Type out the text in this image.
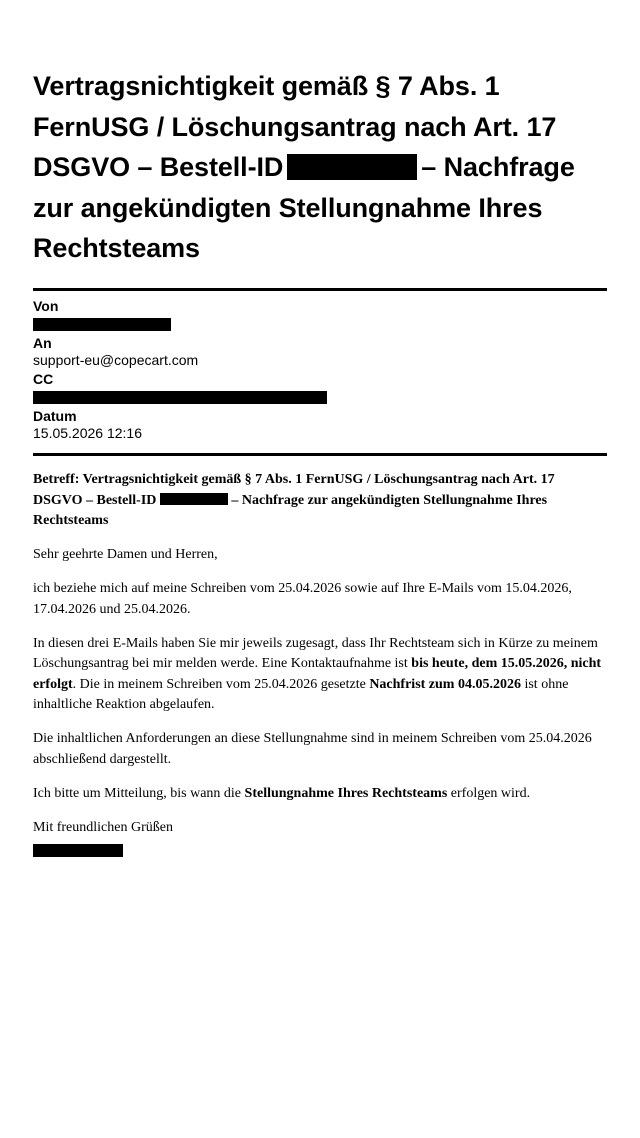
Vertragsnichtigkeit gemäß § 7 Abs. 1 FernUSG / Löschungsantrag nach Art. 17 DSGVO – Bestell-ID	– Nachfrage zur angekündigten Stellungnahme Ihres Rechtsteams
Von
An
support-eu@copecart.com
CC
Datum
15.05.2026 12:16

Betreff: Vertragsnichtigkeit gemäß § 7 Abs. 1 FernUSG / Löschungsantrag nach Art. 17 DSGVO – Bestell-ID	– Nachfrage zur angekündigten Stellungnahme Ihres Rechtsteams

Sehr geehrte Damen und Herren,

ich beziehe mich auf meine Schreiben vom 25.04.2026 sowie auf Ihre E-Mails vom 15.04.2026, 17.04.2026 und 25.04.2026.

In diesen drei E-Mails haben Sie mir jeweils zugesagt, dass Ihr Rechtsteam sich in Kürze zu meinem Löschungsantrag bei mir melden werde. Eine Kontaktaufnahme ist bis heute, dem 15.05.2026, nicht erfolgt. Die in meinem Schreiben vom 25.04.2026 gesetzte Nachfrist zum 04.05.2026 ist ohne inhaltliche Reaktion abgelaufen.

Die inhaltlichen Anforderungen an diese Stellungnahme sind in meinem Schreiben vom 25.04.2026 abschließend dargestellt.

Ich bitte um Mitteilung, bis wann die Stellungnahme Ihres Rechtsteams erfolgen wird.

Mit freundlichen Grüßen
